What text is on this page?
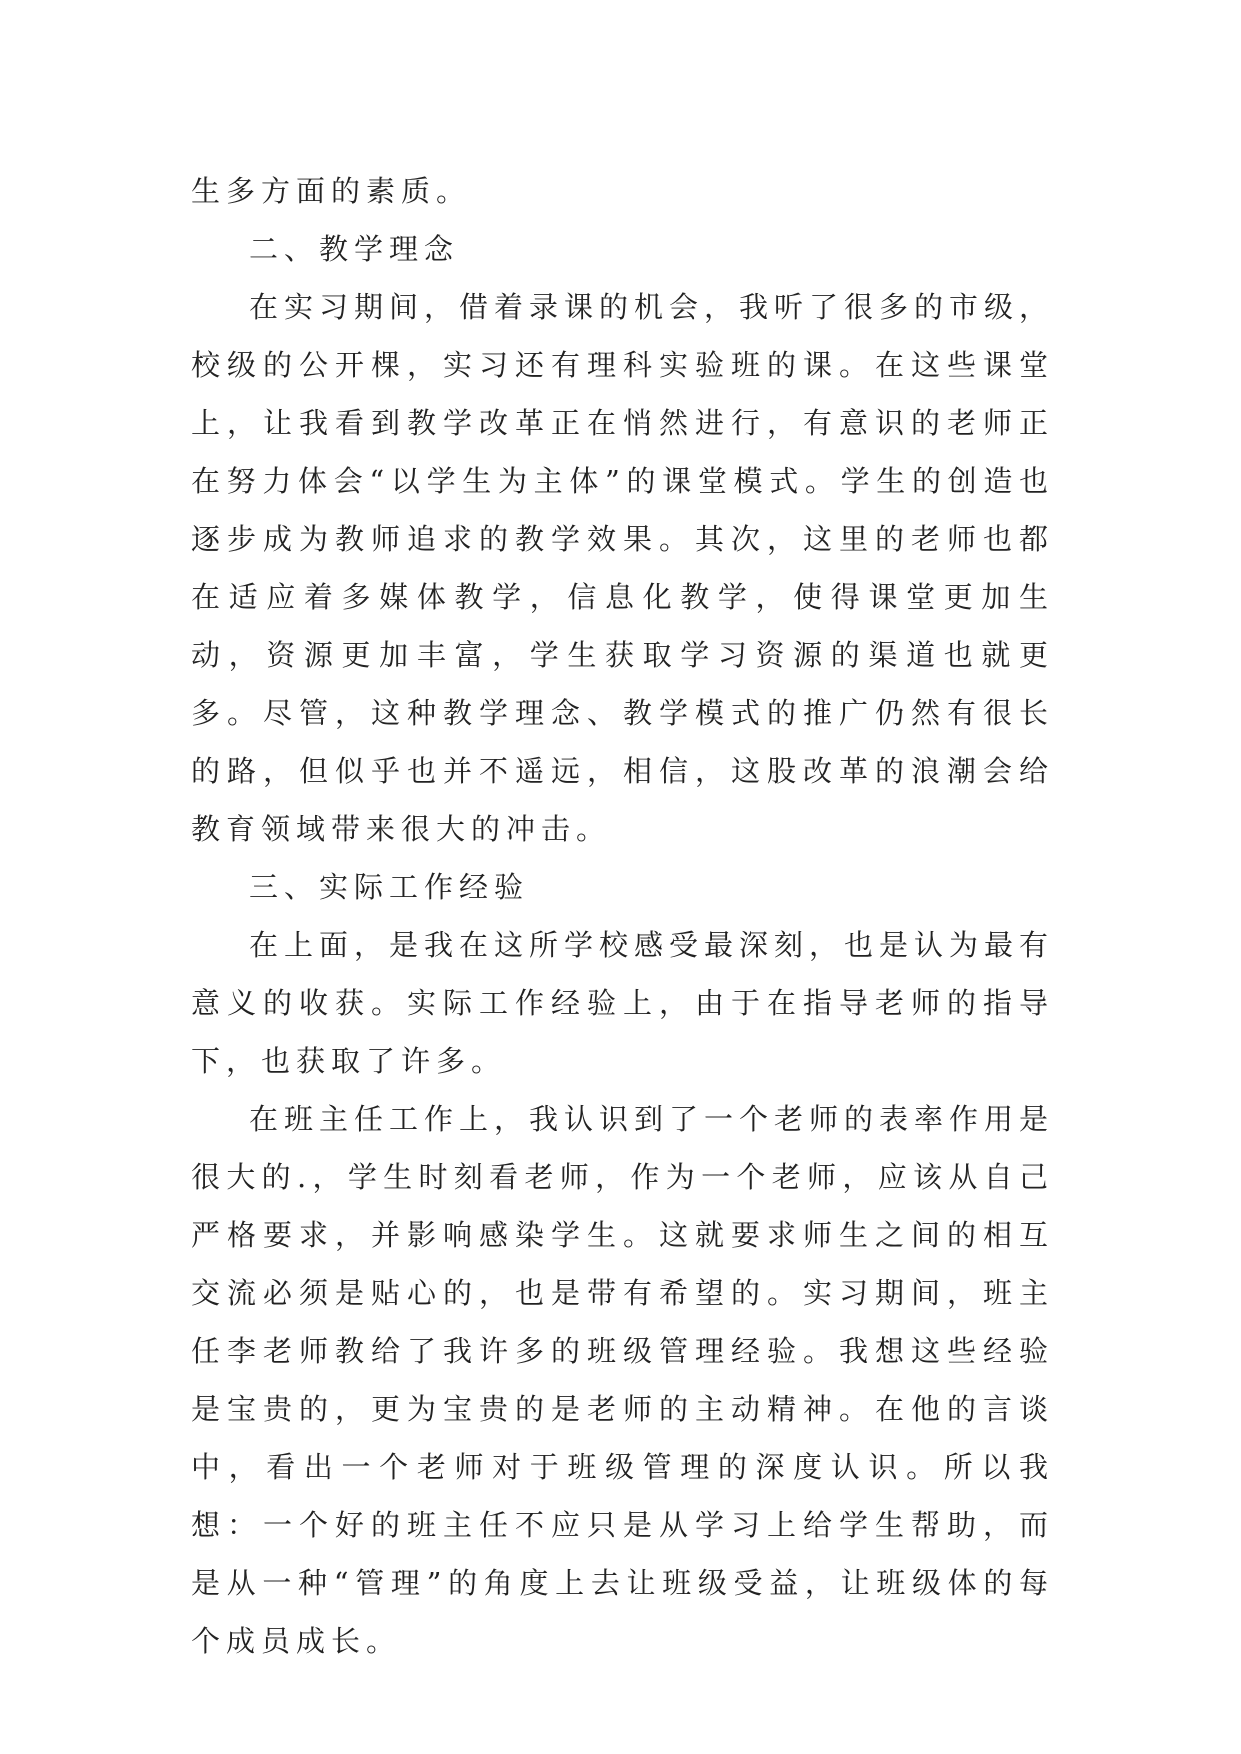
生多方面的素质。

二、教学理念

在实习期间，借着录课的机会，我听了很多的市级，校级的公开棵，实习还有理科实验班的课。在这些课堂上，让我看到教学改革正在悄然进行，有意识的老师正在努力体会“以学生为主体”的课堂模式。学生的创造也逐步成为教师追求的教学效果。其次，这里的老师也都在适应着多媒体教学，信息化教学，使得课堂更加生动，资源更加丰富，学生获取学习资源的渠道也就更多。尽管，这种教学理念、教学模式的推广仍然有很长的路，但似乎也并不遥远，相信，这股改革的浪潮会给教育领域带来很大的冲击。

三、实际工作经验

在上面，是我在这所学校感受最深刻，也是认为最有意义的收获。实际工作经验上，由于在指导老师的指导下，也获取了许多。

在班主任工作上，我认识到了一个老师的表率作用是很大的.，学生时刻看老师，作为一个老师，应该从自己严格要求，并影响感染学生。这就要求师生之间的相互交流必须是贴心的，也是带有希望的。实习期间，班主任李老师教给了我许多的班级管理经验。我想这些经验是宝贵的，更为宝贵的是老师的主动精神。在他的言谈中，看出一个老师对于班级管理的深度认识。所以我想：一个好的班主任不应只是从学习上给学生帮助，而是从一种“管理”的角度上去让班级受益，让班级体的每个成员成长。
